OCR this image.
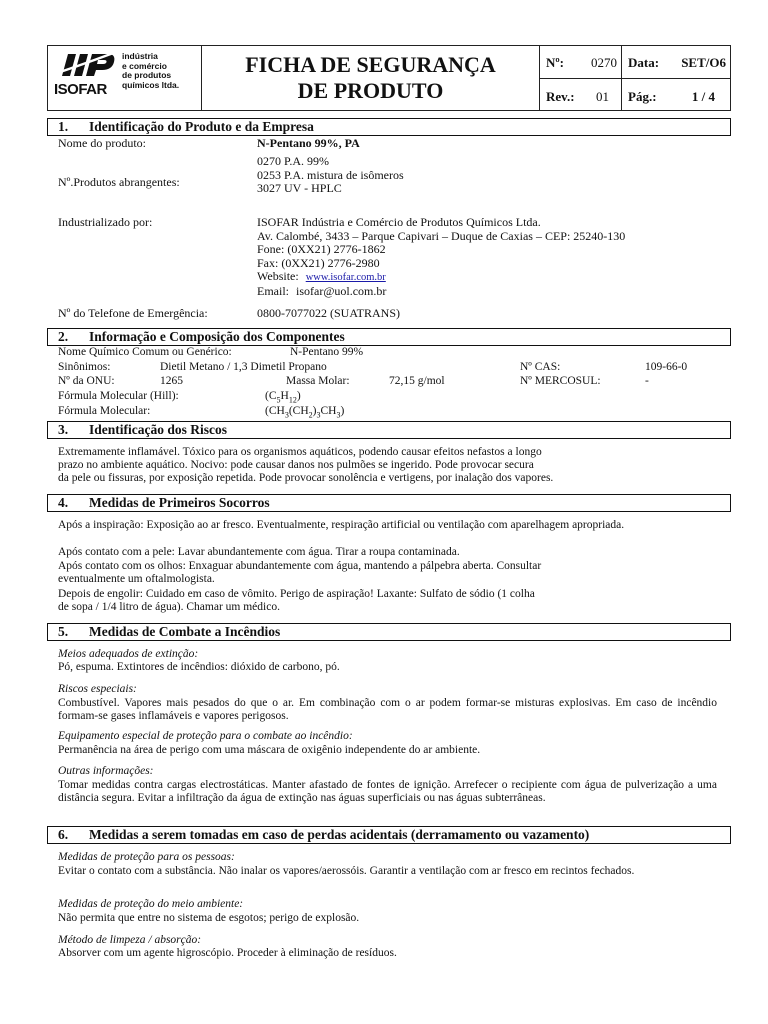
ISOFAR
indústria
e comércio
de produtos
químicos ltda.
FICHA DE SEGURANÇA
DE PRODUTO
Nº: 0270 Data: SET/O6
Rev.: 01 Pág.:	1 / 4
1. Identificação do Produto e da Empresa
Nome do produto:	N-Pentano 99%, PA
Nº.Produtos abrangentes:
0270 P.A. 99%
0253 P.A. mistura de isômeros
3027 UV - HPLC
Industrializado por:	ISOFAR Indústria e Comércio de Produtos Químicos Ltda.
Av. Calombé, 3433 – Parque Capivari – Duque de Caxias – CEP: 25240-130
Fone: (0XX21) 2776-1862
Fax: (0XX21) 2776-2980
Website: www.isofar.com.br
Email: isofar@uol.com.br
Nº do Telefone de Emergência:	0800-7077022 (SUATRANS)
2. Informação e Composição dos Componentes
Nome Químico Comum ou Genérico:	N-Pentano 99%
Sinônimos:	Dietil Metano / 1,3 Dimetil Propano	Nº CAS:	109-66-0
Nº da ONU:	1265	Massa Molar:	72,15 g/mol	Nº MERCOSUL:	-
Fórmula Molecular (Hill):	$(C_5H_{12})$
Fórmula Molecular:	$(CH_3(CH_2)_3CH_3)$
3. Identificação dos Riscos
Extremamente inflamável. Tóxico para os organismos aquáticos, podendo causar efeitos nefastos a longo
prazo no ambiente aquático. Nocivo: pode causar danos nos pulmões se ingerido. Pode provocar secura
da pele ou fissuras, por exposição repetida. Pode provocar sonolência e vertigens, por inalação dos vapores.
4. Medidas de Primeiros Socorros
Após a inspiração: Exposição ao ar fresco. Eventualmente, respiração artificial ou ventilação com aparelhagem apropriada.
Após contato com a pele: Lavar abundantemente com água. Tirar a roupa contaminada.
Após contato com os olhos: Enxaguar abundantemente com água, mantendo a pálpebra aberta. Consultar
eventualmente um oftalmologista.
Depois de engolir: Cuidado em caso de vômito. Perigo de aspiração! Laxante: Sulfato de sódio (1 colha
de sopa / 1/4 litro de água). Chamar um médico.
5. Medidas de Combate a Incêndios
Meios adequados de extinção:
Pó, espuma. Extintores de incêndios: dióxido de carbono, pó.
Riscos especiais:
Combustível. Vapores mais pesados do que o ar. Em combinação com o ar podem formar-se misturas explosivas. Em caso de incêndio formam-se gases inflamáveis e vapores perigosos.
Equipamento especial de proteção para o combate ao incêndio:
Permanência na área de perigo com uma máscara de oxigênio independente do ar ambiente.
Outras informações:
Tomar medidas contra cargas electrostáticas. Manter afastado de fontes de ignição. Arrefecer o recipiente com água de pulverização a uma distância segura. Evitar a infiltração da água de extinção nas águas superficiais ou nas águas subterrâneas.
6. Medidas a serem tomadas em caso de perdas acidentais (derramamento ou vazamento)
Medidas de proteção para os pessoas:
Evitar o contato com a substância. Não inalar os vapores/aerossóis. Garantir a ventilação com ar fresco em recintos fechados.
Medidas de proteção do meio ambiente:
Não permita que entre no sistema de esgotos; perigo de explosão.
Método de limpeza / absorção:
Absorver com um agente higroscópio. Proceder à eliminação de resíduos.
